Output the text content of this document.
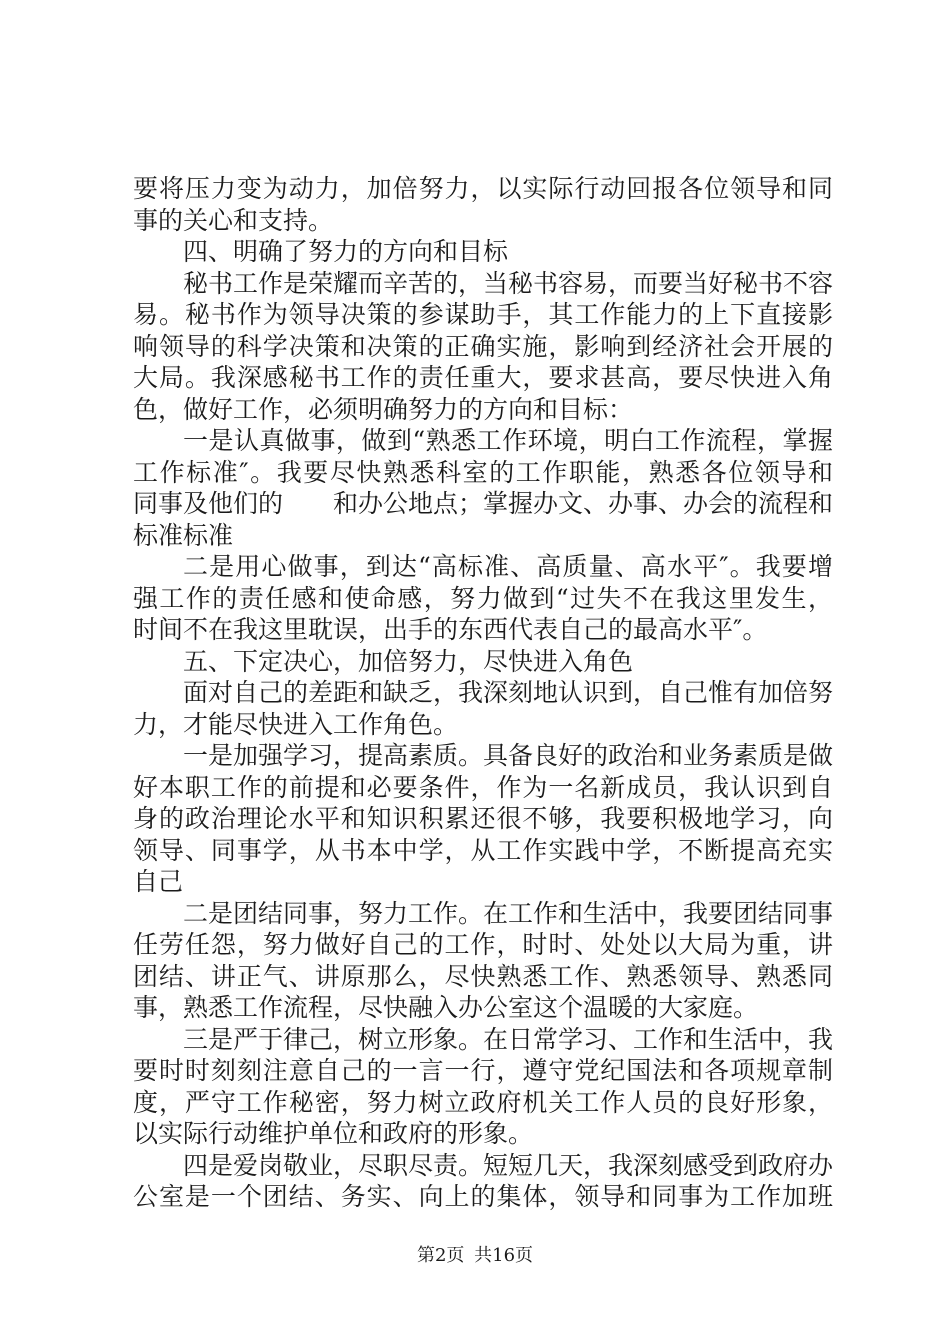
要将压力变为动力，加倍努力，以实际行动回报各位领导和同
事的关心和支持。
四、明确了努力的方向和目标
秘书工作是荣耀而辛苦的，当秘书容易，而要当好秘书不容
易。秘书作为领导决策的参谋助手，其工作能力的上下直接影
响领导的科学决策和决策的正确实施，影响到经济社会开展的
大局。我深感秘书工作的责任重大，要求甚高，要尽快进入角
色，做好工作，必须明确努力的方向和目标：
一是认真做事，做到“熟悉工作环境，明白工作流程，掌握
工作标准″。我要尽快熟悉科室的工作职能，熟悉各位领导和
同事及他们的　　和办公地点；掌握办文、办事、办会的流程和
标准标准
二是用心做事，到达“高标准、高质量、高水平″。我要增
强工作的责任感和使命感，努力做到“过失不在我这里发生，
时间不在我这里耽误，出手的东西代表自己的最高水平″。
五、下定决心，加倍努力，尽快进入角色
面对自己的差距和缺乏，我深刻地认识到，自己惟有加倍努
力，才能尽快进入工作角色。
一是加强学习，提高素质。具备良好的政治和业务素质是做
好本职工作的前提和必要条件，作为一名新成员，我认识到自
身的政治理论水平和知识积累还很不够，我要积极地学习，向
领导、同事学，从书本中学，从工作实践中学，不断提高充实
自己
二是团结同事，努力工作。在工作和生活中，我要团结同事
任劳任怨，努力做好自己的工作，时时、处处以大局为重，讲
团结、讲正气、讲原那么，尽快熟悉工作、熟悉领导、熟悉同
事，熟悉工作流程，尽快融入办公室这个温暖的大家庭。
三是严于律己，树立形象。在日常学习、工作和生活中，我
要时时刻刻注意自己的一言一行，遵守党纪国法和各项规章制
度，严守工作秘密，努力树立政府机关工作人员的良好形象，
以实际行动维护单位和政府的形象。
四是爱岗敬业，尽职尽责。短短几天，我深刻感受到政府办
公室是一个团结、务实、向上的集体，领导和同事为工作加班
第2页 共16页
